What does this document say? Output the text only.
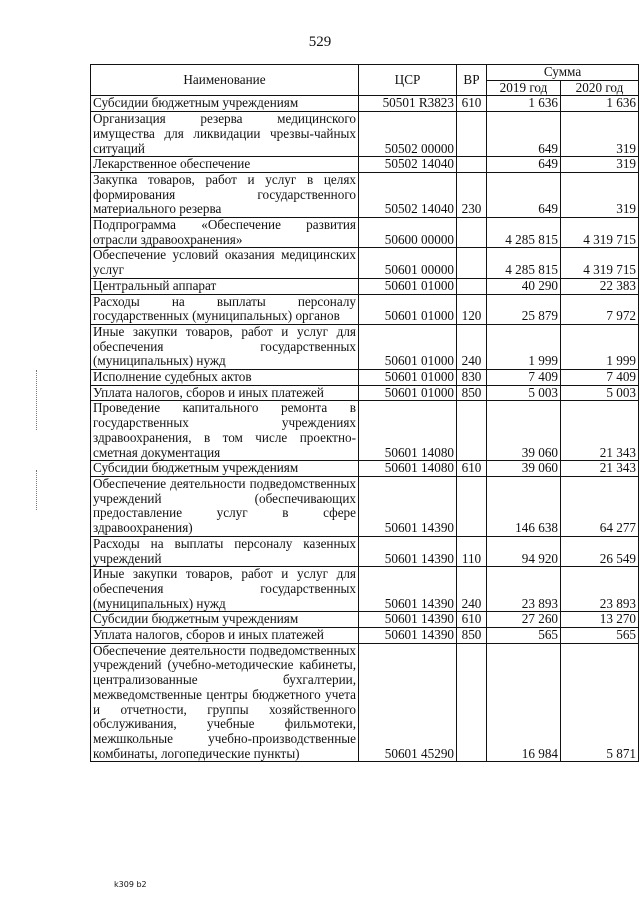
529
Наименование	ЦСР	ВР	Сумма	
			2019 год	2020 год
Субсидии бюджетным учреждениям	50501 R3823	610	1 636	1 636
Организация резерва медицинского имущества для ликвидации чрезвы-чайных ситуаций	50502 00000		649	319
Лекарственное обеспечение	50502 14040		649	319
Закупка товаров, работ и услуг в целях формирования государственного материального резерва	50502 14040	230	649	319
Подпрограмма «Обеспечение развития отрасли здравоохранения»	50600 00000		4 285 815	4 319 715
Обеспечение условий оказания медицинских услуг	50601 00000		4 285 815	4 319 715
Центральный аппарат	50601 01000		40 290	22 383
Расходы на выплаты персоналу государственных (муниципальных) органов	50601 01000	120	25 879	7 972
Иные закупки товаров, работ и услуг для обеспечения государственных (муниципальных) нужд	50601 01000	240	1 999	1 999
Исполнение судебных актов	50601 01000	830	7 409	7 409
Уплата налогов, сборов и иных платежей	50601 01000	850	5 003	5 003
Проведение капитального ремонта в государственных учреждениях здравоохранения, в том числе проектно-сметная документация	50601 14080		39 060	21 343
Субсидии бюджетным учреждениям	50601 14080	610	39 060	21 343
Обеспечение деятельности подведомственных учреждений (обеспечивающих предоставление услуг в сфере здравоохранения)	50601 14390		146 638	64 277
Расходы на выплаты персоналу казенных учреждений	50601 14390	110	94 920	26 549
Иные закупки товаров, работ и услуг для обеспечения государственных (муниципальных) нужд	50601 14390	240	23 893	23 893
Субсидии бюджетным учреждениям	50601 14390	610	27 260	13 270
Уплата налогов, сборов и иных платежей	50601 14390	850	565	565
Обеспечение деятельности подведомственных учреждений (учебно-методические кабинеты, централизованные бухгалтерии, межведомственные центры бюджетного учета и отчетности, группы хозяйственного обслуживания, учебные фильмотеки, межшкольные учебно-производственные комбинаты, логопедические пункты)	50601 45290		16 984	5 871
k309 b2
